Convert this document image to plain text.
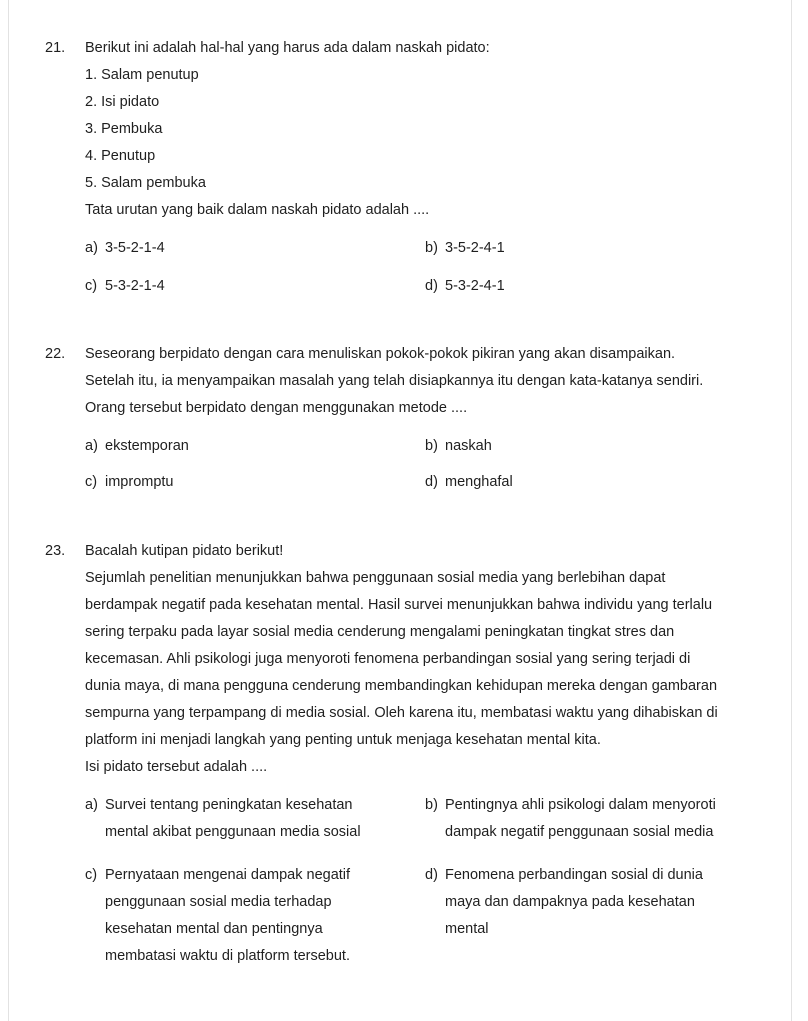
21. Berikut ini adalah hal-hal yang harus ada dalam naskah pidato:
1. Salam penutup
2. Isi pidato
3. Pembuka
4. Penutup
5. Salam pembuka
Tata urutan yang baik dalam naskah pidato adalah ....
a) 3-5-2-1-4	b) 3-5-2-4-1
c) 5-3-2-1-4	d) 5-3-2-4-1
22. Seseorang berpidato dengan cara menuliskan pokok-pokok pikiran yang akan disampaikan.
Setelah itu, ia menyampaikan masalah yang telah disiapkannya itu dengan kata-katanya sendiri.
Orang tersebut berpidato dengan menggunakan metode ....
a) ekstemporan	b) naskah
c) impromptu	d) menghafal
23. Bacalah kutipan pidato berikut!
Sejumlah penelitian menunjukkan bahwa penggunaan sosial media yang berlebihan dapat
berdampak negatif pada kesehatan mental. Hasil survei menunjukkan bahwa individu yang terlalu
sering terpaku pada layar sosial media cenderung mengalami peningkatan tingkat stres dan
kecemasan. Ahli psikologi juga menyoroti fenomena perbandingan sosial yang sering terjadi di
dunia maya, di mana pengguna cenderung membandingkan kehidupan mereka dengan gambaran
sempurna yang terpampang di media sosial. Oleh karena itu, membatasi waktu yang dihabiskan di
platform ini menjadi langkah yang penting untuk menjaga kesehatan mental kita.
Isi pidato tersebut adalah ....
a) Survei tentang peningkatan kesehatan
mental akibat penggunaan media sosial
b) Pentingnya ahli psikologi dalam menyoroti
dampak negatif penggunaan sosial media
c) Pernyataan mengenai dampak negatif
penggunaan sosial media terhadap
kesehatan mental dan pentingnya
membatasi waktu di platform tersebut.
d) Fenomena perbandingan sosial di dunia
maya dan dampaknya pada kesehatan
mental
